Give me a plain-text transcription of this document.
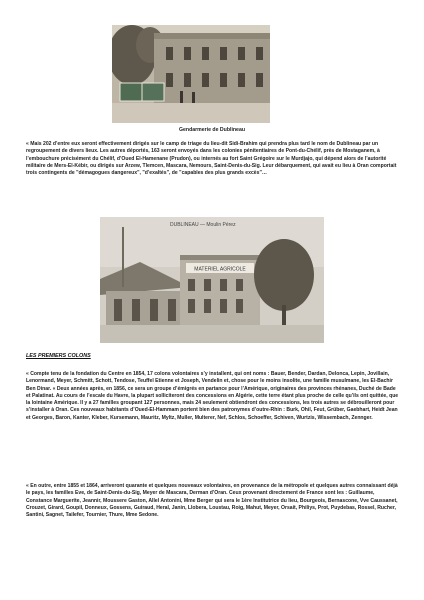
Gendarmerie de Dublineau

« Mais 202 d’entre eux seront effectivement dirigés sur le camp de triage du lieu-dit Sidi-Brahim qui prendra plus tard le nom de Dublineau par un regroupement de divers lieux. Les autres déportés, 163 seront envoyés dans les colonies pénitentiaires de Pont-du-Chélif, près de Mostaganem, à l’embouchure précisément du Chélif, d’Oued El-Hamenane (Prudon), ou internés au fort Saint Grégoire sur le Murdjajo, qui dépend alors de l’autorité militaire de Mers-El-Kébir, ou dirigés sur Arzew, Tlemcen, Mascara, Nemours, Saint-Denis-du-Sig. Leur débarquement, qui avait eu lieu à Oran comportait trois contingents de "démagogues dangereux", "d’exaltés", de "capables des plus grands excès"…

MATERIEL AGRICOLE
DUBLINEAU — Moulin Pérez
LES PREMIERS COLONS

« Compte tenu de la fondation du Centre en 1854, 17 colons volontaires s’y installent, qui ont noms : Bauer, Bender, Dardan, Delonca, Lepin, Jovillain, Lenormand, Meyer, Schmitt, Schott, Tendose, Teuffel Etienne et Joseph, Vendelin et, chose pour le moins insolite, une famille musulmane, les El-Bachir Ben Dinar. « Deux années après, en 1856, ce sera un groupe d’émigrés en partance pour l’Amérique, originaires des provinces rhénanes, Duché de Bade et Palatinat. Au cours de l’escale du Havre, la plupart solliciteront des concessions en Algérie, cette terre étant plus proche de celle qu’ils ont quittée, que la lointaine Amérique. Il y a 27 familles groupant 127 personnes, mais 24 seulement obtiendront des concessions, les trois autres se débrouilleront pour s’installer à Oran. Ces nouveaux habitants d’Oued-El-Hammam portent bien des patronymes d’outre-Rhin : Burk, Ohil, Feut, Grüber, Gaebhart, Heidt Jean et Georges, Baron, Kanter, Kleber, Kursemann, Mauritz, Myltz, Muller, Multerer, Nef, Schlos, Schoeffer, Schiven, Wurtzis, Wissembach, Zennger.

« En outre, entre 1855 et 1864, arriveront quarante et quelques nouveaux volontaires, en provenance de la métropole et quelques autres connaissant déjà le pays, les familles Eve, de Saint-Denis-du-Sig, Meyer de Mascara, Derman d’Oran. Ceux provenant directement de France sont les : Guillaume, Constance Marguerite, Jeannir, Moussere Gaston, Allel Antonini, Mme Berger qui sera le 1ère Institutrice du lieu, Bourgeois, Bernascone, Vve Caussanet, Crouzet, Girard, Goupil, Donneux, Gossens, Guiraud, Heral, Janin, Llobera, Loustau, Roig, Mahut, Meyer, Orsait, Philiys, Prot, Puydebas, Rossel, Rucher, Santini, Sagnet, Tailefer, Tournier, Thure, Mme Sedone.
